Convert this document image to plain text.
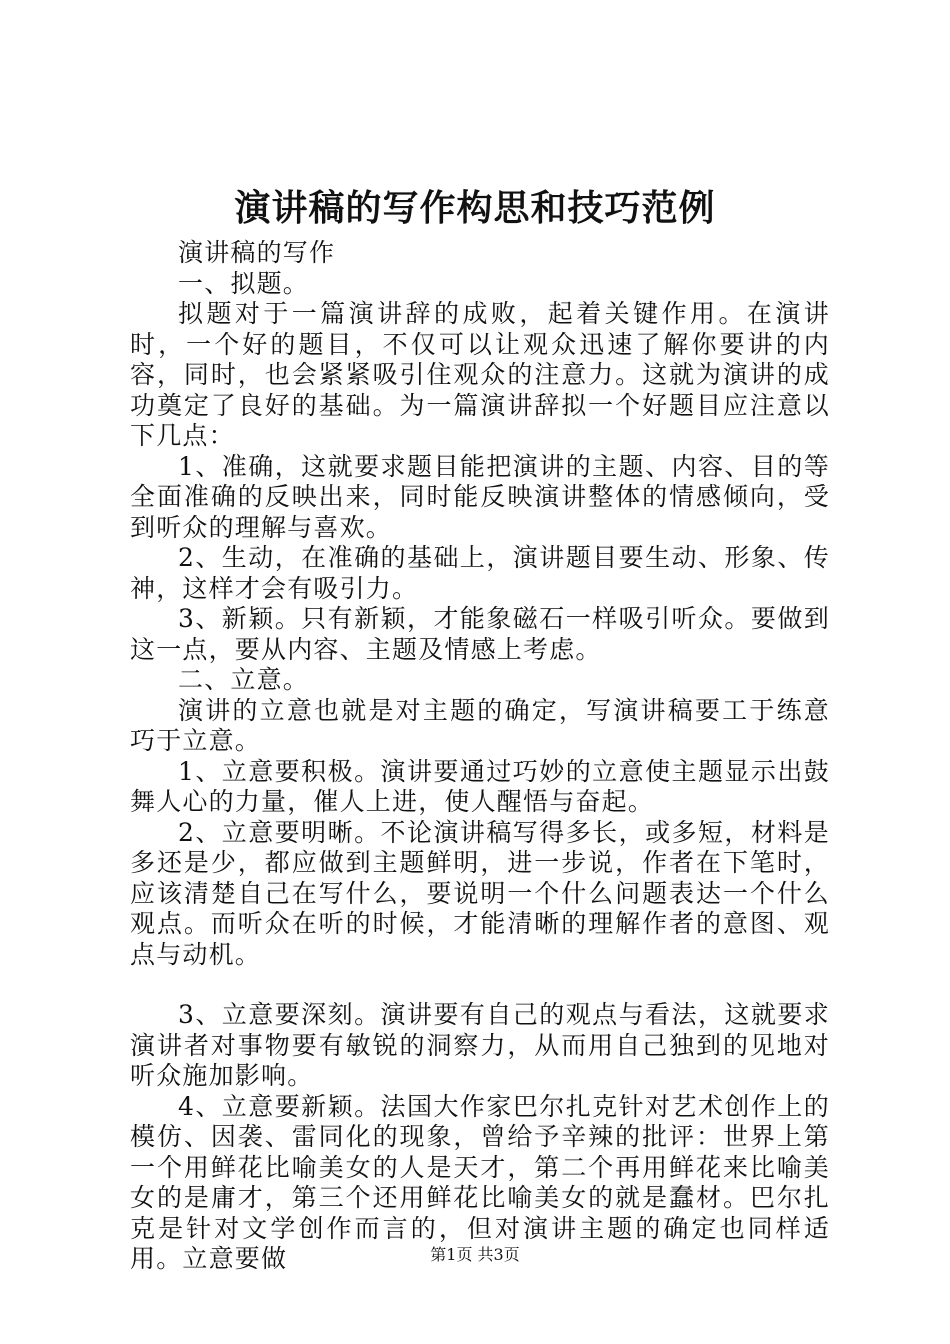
演讲稿的写作构思和技巧范例

演讲稿的写作

一、拟题。

拟题对于一篇演讲辞的成败，起着关键作用。在演讲时，一个好的题目，不仅可以让观众迅速了解你要讲的内容，同时，也会紧紧吸引住观众的注意力。这就为演讲的成功奠定了良好的基础。为一篇演讲辞拟一个好题目应注意以下几点：

1、准确，这就要求题目能把演讲的主题、内容、目的等全面准确的反映出来，同时能反映演讲整体的情感倾向，受到听众的理解与喜欢。

2、生动，在准确的基础上，演讲题目要生动、形象、传神，这样才会有吸引力。

3、新颖。只有新颖，才能象磁石一样吸引听众。要做到这一点，要从内容、主题及情感上考虑。

二、立意。

演讲的立意也就是对主题的确定，写演讲稿要工于练意巧于立意。

1、立意要积极。演讲要通过巧妙的立意使主题显示出鼓舞人心的力量，催人上进，使人醒悟与奋起。

2、立意要明晰。不论演讲稿写得多长，或多短，材料是多还是少，都应做到主题鲜明，进一步说，作者在下笔时，应该清楚自己在写什么，要说明一个什么问题表达一个什么观点。而听众在听的时候，才能清晰的理解作者的意图、观点与动机。

3、立意要深刻。演讲要有自己的观点与看法，这就要求演讲者对事物要有敏锐的洞察力，从而用自己独到的见地对听众施加影响。

4、立意要新颖。法国大作家巴尔扎克针对艺术创作上的模仿、因袭、雷同化的现象，曾给予辛辣的批评：世界上第一个用鲜花比喻美女的人是天才，第二个再用鲜花来比喻美女的是庸才，第三个还用鲜花比喻美女的就是蠢材。巴尔扎克是针对文学创作而言的，但对演讲主题的确定也同样适用。立意要做	第1页 共3页
